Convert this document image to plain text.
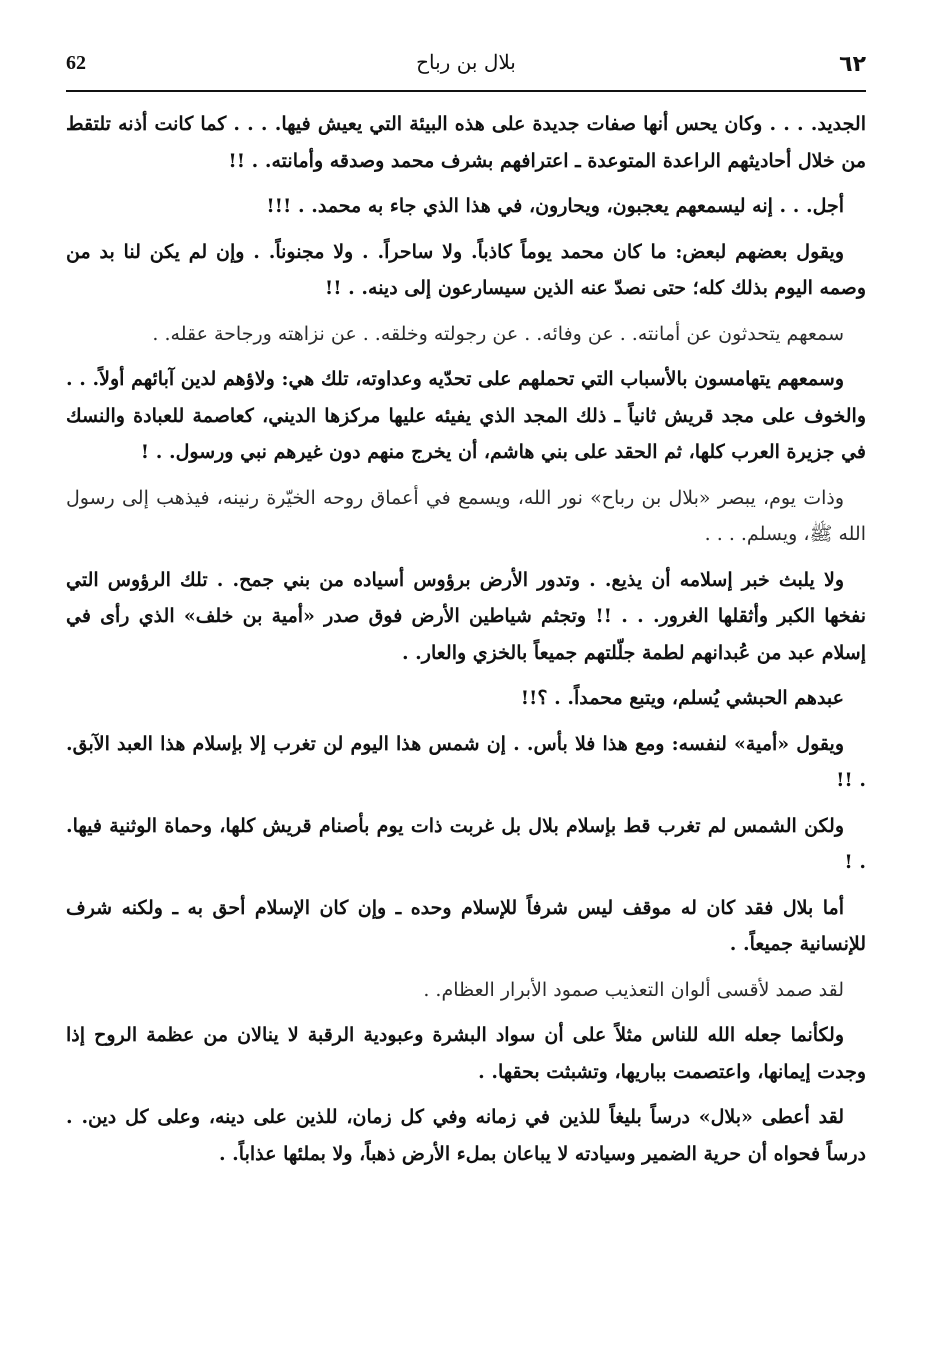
62	بلال بن رباح	٦٢

الجديد. . . . وكان يحس أنها صفات جديدة على هذه البيئة التي يعيش فيها. . . . كما كانت أذنه تلتقط من خلال أحاديثهم الراعدة المتوعدة ـ اعترافهم بشرف محمد وصدقه وأمانته. . !!

أجل. . . إنه ليسمعهم يعجبون، ويحارون، في هذا الذي جاء به محمد. . !!!

ويقول بعضهم لبعض: ما كان محمد يوماً كاذباً. ولا ساحراً. . ولا مجنوناً. . وإن لم يكن لنا بد من وصمه اليوم بذلك كله؛ حتى نصدّ عنه الذين سيسارعون إلى دينه. . !!

سمعهم يتحدثون عن أمانته. . عن وفائه. . عن رجولته وخلقه. . عن نزاهته ورجاحة عقله. .

وسمعهم يتهامسون بالأسباب التي تحملهم على تحدّيه وعداوته، تلك هي: ولاؤهم لدين آبائهم أولاً. . . والخوف على مجد قريش ثانياً ـ ذلك المجد الذي يفيئه عليها مركزها الديني، كعاصمة للعبادة والنسك في جزيرة العرب كلها، ثم الحقد على بني هاشم، أن يخرج منهم دون غيرهم نبي ورسول. . !

وذات يوم، يبصر «بلال بن رباح» نور الله، ويسمع في أعماق روحه الخيّرة رنينه، فيذهب إلى رسول الله ﷺ، ويسلم. . . .

ولا يلبث خبر إسلامه أن يذيع. . وتدور الأرض برؤوس أسياده من بني جمح. . تلك الرؤوس التي نفخها الكبر وأثقلها الغرور. . . !! وتجثم شياطين الأرض فوق صدر «أمية بن خلف» الذي رأى في إسلام عبد من عُبدانهم لطمة جلّلتهم جميعاً بالخزي والعار. .

عبدهم الحبشي يُسلم، ويتبع محمداً. . ؟!!

ويقول «أمية» لنفسه: ومع هذا فلا بأس. . إن شمس هذا اليوم لن تغرب إلا بإسلام هذا العبد الآبق. . !!

ولكن الشمس لم تغرب قط بإسلام بلال بل غربت ذات يوم بأصنام قريش كلها، وحماة الوثنية فيها. . !

أما بلال فقد كان له موقف ليس شرفاً للإسلام وحده ـ وإن كان الإسلام أحق به ـ ولكنه شرف للإنسانية جميعاً. .

لقد صمد لأقسى ألوان التعذيب صمود الأبرار العظام. .

ولكأنما جعله الله للناس مثلاً على أن سواد البشرة وعبودية الرقبة لا ينالان من عظمة الروح إذا وجدت إيمانها، واعتصمت بباريها، وتشبثت بحقها. .

لقد أعطى «بلال» درساً بليغاً للذين في زمانه وفي كل زمان، للذين على دينه، وعلى كل دين. . درساً فحواه أن حرية الضمير وسيادته لا يباعان بملء الأرض ذهباً، ولا بملئها عذاباً. .
